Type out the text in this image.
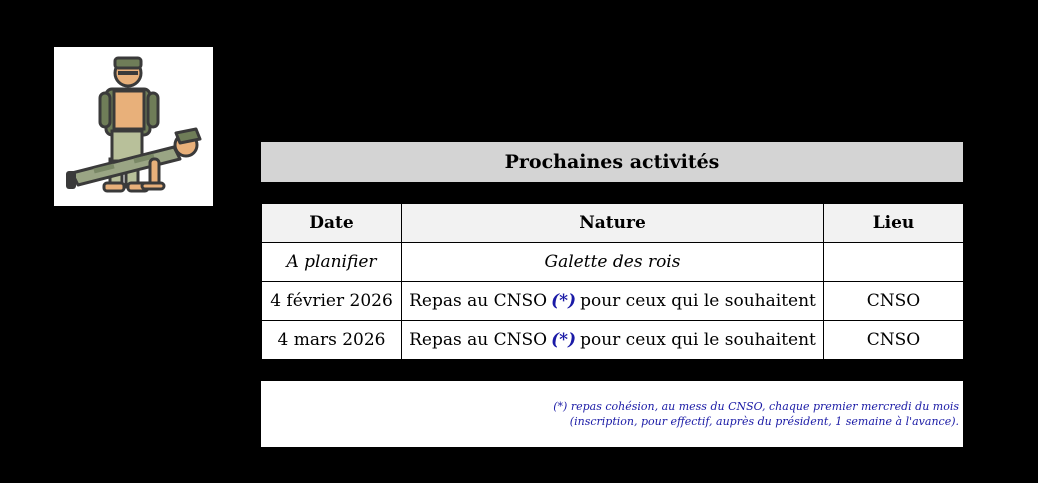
Prochaines activités
Date	Nature	Lieu
A planifier	Galette des rois	
4 février 2026	Repas au CNSO (*) pour ceux qui le souhaitent	CNSO
4 mars 2026	Repas au CNSO (*) pour ceux qui le souhaitent	CNSO
(*) repas cohésion, au mess du CNSO, chaque premier mercredi du mois
(inscription, pour effectif, auprès du président, 1 semaine à l'avance).
